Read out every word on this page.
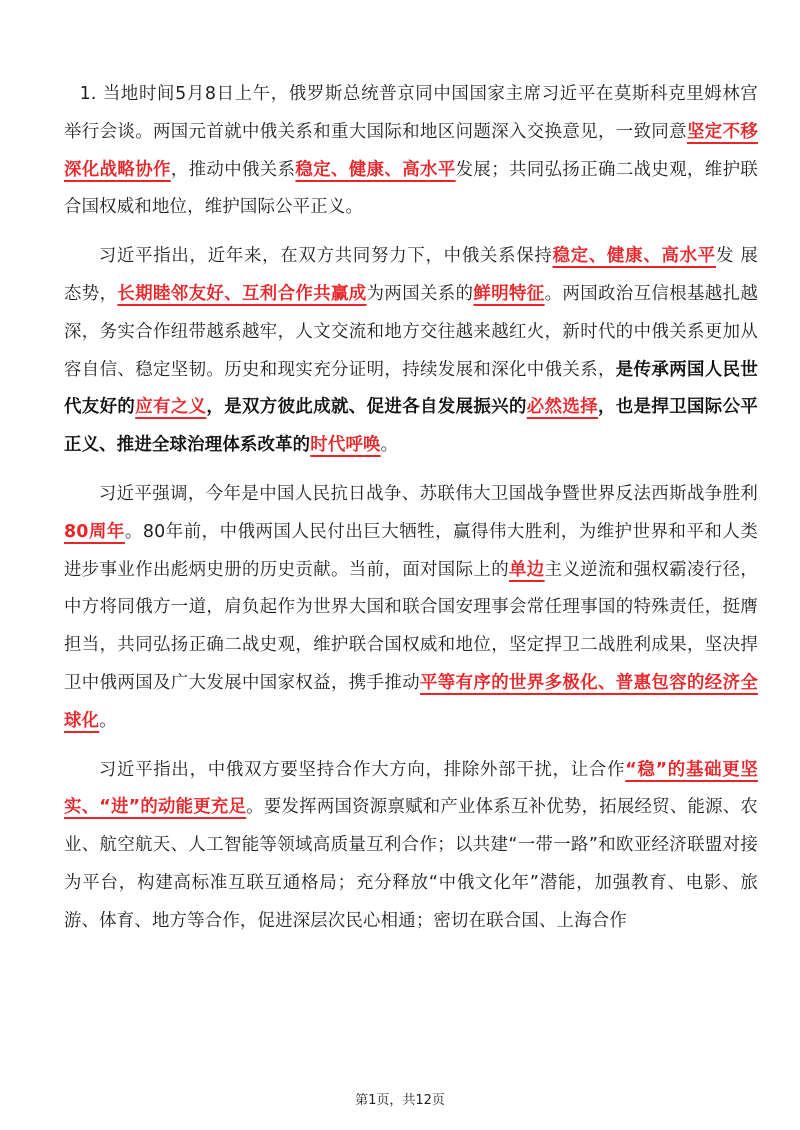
1. 当地时间5月8日上午，俄罗斯总统普京同中国国家主席习近平在莫斯科克里姆林宫举行会谈。两国元首就中俄关系和重大国际和地区问题深入交换意见，一致同意坚定不移深化战略协作，推动中俄关系稳定、健康、高水平发展；共同弘扬正确二战史观，维护联合国权威和地位，维护国际公平正义。

习近平指出，近年来，在双方共同努力下，中俄关系保持稳定、健康、高水平发 展 态势，长期睦邻友好、互利合作共赢成为两国关系的鲜明特征。两国政治互信根基越扎越深，务实合作纽带越系越牢，人文交流和地方交往越来越红火，新时代的中俄关系更加从容自信、稳定坚韧。历史和现实充分证明，持续发展和深化中俄关系，是传承两国人民世代友好的应有之义，是双方彼此成就、促进各自发展振兴的必然选择，也是捍卫国际公平正义、推进全球治理体系改革的时代呼唤。

习近平强调，今年是中国人民抗日战争、苏联伟大卫国战争暨世界反法西斯战争胜利 80周年。80年前，中俄两国人民付出巨大牺牲，赢得伟大胜利，为维护世界和平和人类进步事业作出彪炳史册的历史贡献。当前，面对国际上的单边主义逆流和强权霸凌行径，中方将同俄方一道，肩负起作为世界大国和联合国安理事会常任理事国的特殊责任，挺膺担当，共同弘扬正确二战史观，维护联合国权威和地位，坚定捍卫二战胜利成果，坚决捍卫中俄两国及广大发展中国家权益，携手推动平等有序的世界多极化、普惠包容的经济全球化。

习近平指出，中俄双方要坚持合作大方向，排除外部干扰，让合作“稳”的基础更坚实、“进”的动能更充足。要发挥两国资源禀赋和产业体系互补优势，拓展经贸、能源、农业、航空航天、人工智能等领域高质量互利合作；以共建“一带一路”和欧亚经济联盟对接为平台，构建高标准互联互通格局；充分释放“中俄文化年”潜能，加强教育、电影、旅游、体育、地方等合作，促进深层次民心相通；密切在联合国、上海合作

第1页，共12页
